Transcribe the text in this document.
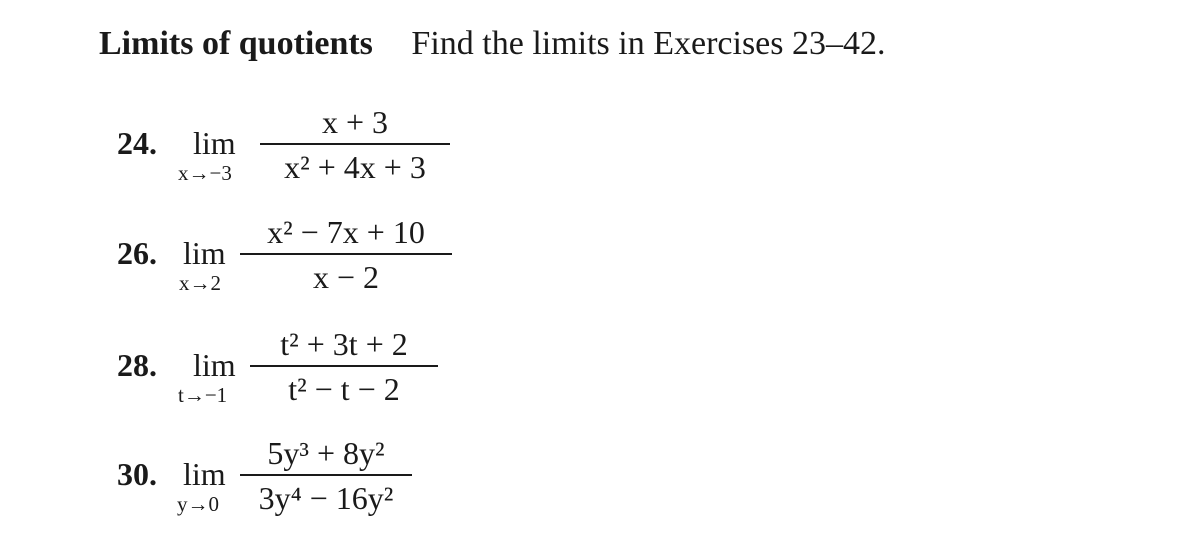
Limits of quotients Find the limits in Exercises 23–42.
24. lim
x→−3
x + 3
x² + 4x + 3
26. lim
x→2
x² − 7x + 10
x − 2
28. lim
t→−1
t² + 3t + 2
t² − t − 2
30. lim
y→0
5y³ + 8y²
3y⁴ − 16y²
